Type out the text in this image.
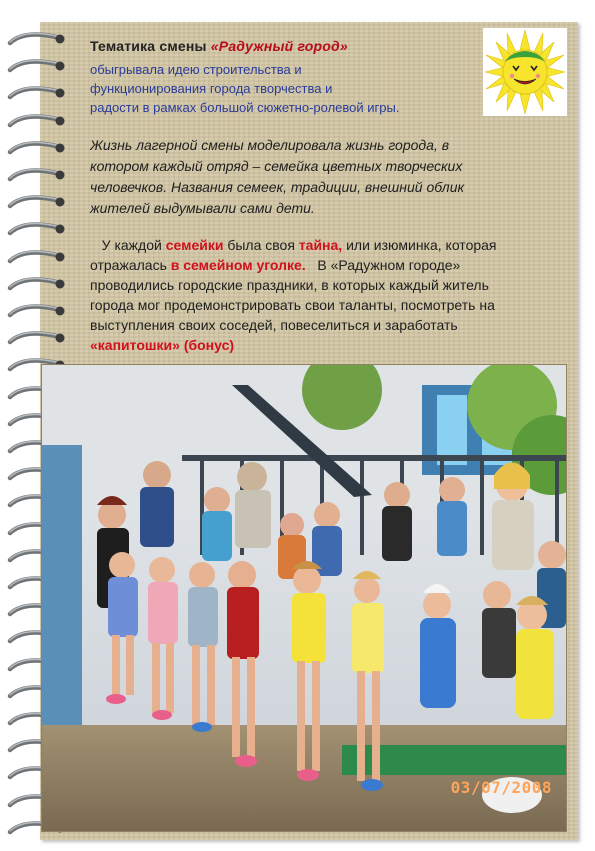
Тематика смены «Радужный город»
обыгрывала идею строительства и
функционирования города творчества и
радости в рамках большой сюжетно-ролевой игры.
Жизнь лагерной смены моделировала жизнь города, в
котором каждый отряд – семейка цветных творческих
человечков. Названия семеек, традиции, внешний облик
жителей выдумывали сами дети.
У каждой семейки была своя тайна, или изюминка, которая
отражалась в семейном уголке.   В «Радужном городе»
проводились городские праздники, в которых каждый житель
города мог продемонстрировать свои таланты, посмотреть на
выступления своих соседей, повеселиться и заработать
«капитошки» (бонус)
03/07/2008
